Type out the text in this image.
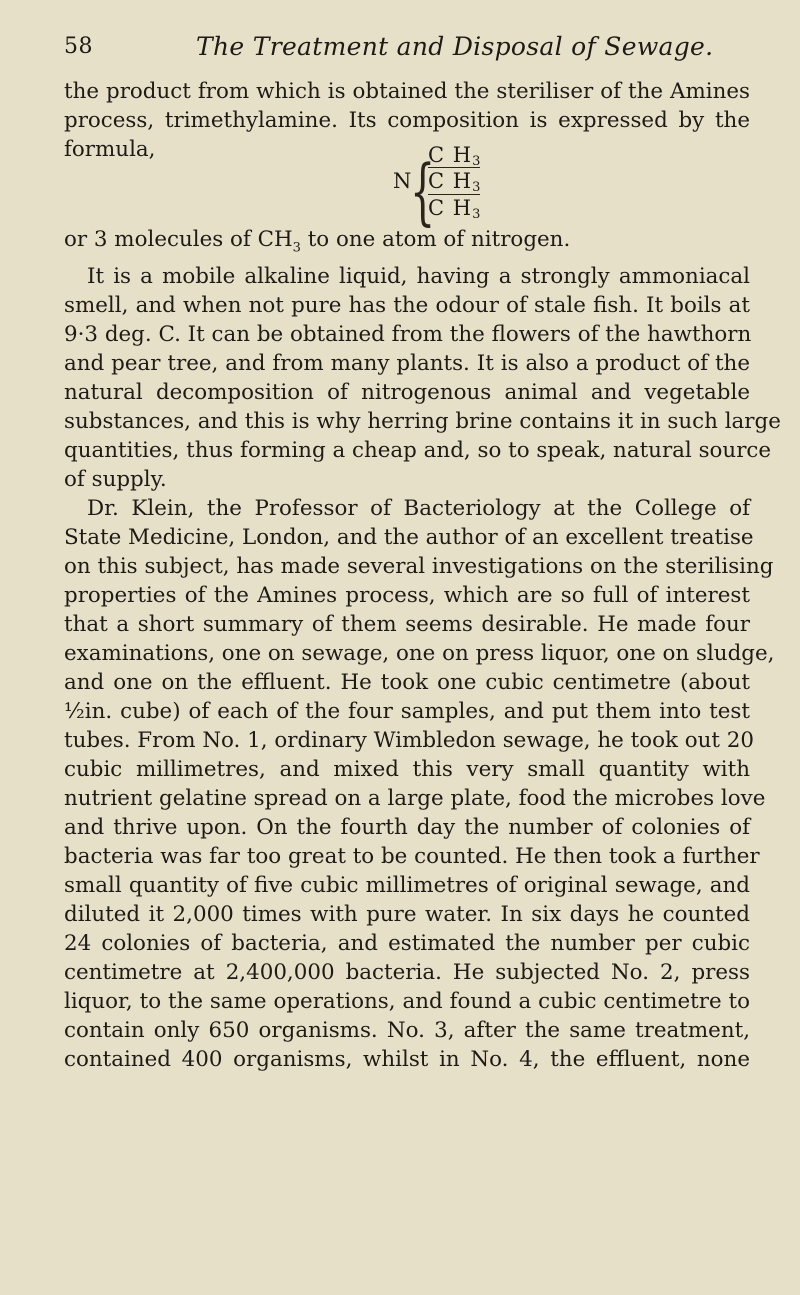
58	The Treatment and Disposal of Sewage.
the product from which is obtained the steriliser of the Amines
process, trimethylamine. Its composition is expressed by the
formula,
N
{
C $H_3$
C $H_3$
C $H_3$
or 3 molecules of $CH_3$ to one atom of nitrogen.
It is a mobile alkaline liquid, having a strongly ammoniacal
smell, and when not pure has the odour of stale fish. It boils at
9·3 deg. C. It can be obtained from the flowers of the hawthorn
and pear tree, and from many plants. It is also a product of the
natural decomposition of nitrogenous animal and vegetable
substances, and this is why herring brine contains it in such large
quantities, thus forming a cheap and, so to speak, natural source
of supply.
Dr. Klein, the Professor of Bacteriology at the College of
State Medicine, London, and the author of an excellent treatise
on this subject, has made several investigations on the sterilising
properties of the Amines process, which are so full of interest
that a short summary of them seems desirable. He made four
examinations, one on sewage, one on press liquor, one on sludge,
and one on the effluent. He took one cubic centimetre (about
½in. cube) of each of the four samples, and put them into test
tubes. From No. 1, ordinary Wimbledon sewage, he took out 20
cubic millimetres, and mixed this very small quantity with
nutrient gelatine spread on a large plate, food the microbes love
and thrive upon. On the fourth day the number of colonies of
bacteria was far too great to be counted. He then took a further
small quantity of five cubic millimetres of original sewage, and
diluted it 2,000 times with pure water. In six days he counted
24 colonies of bacteria, and estimated the number per cubic
centimetre at 2,400,000 bacteria. He subjected No. 2, press
liquor, to the same operations, and found a cubic centimetre to
contain only 650 organisms. No. 3, after the same treatment,
contained 400 organisms, whilst in No. 4, the effluent, none
